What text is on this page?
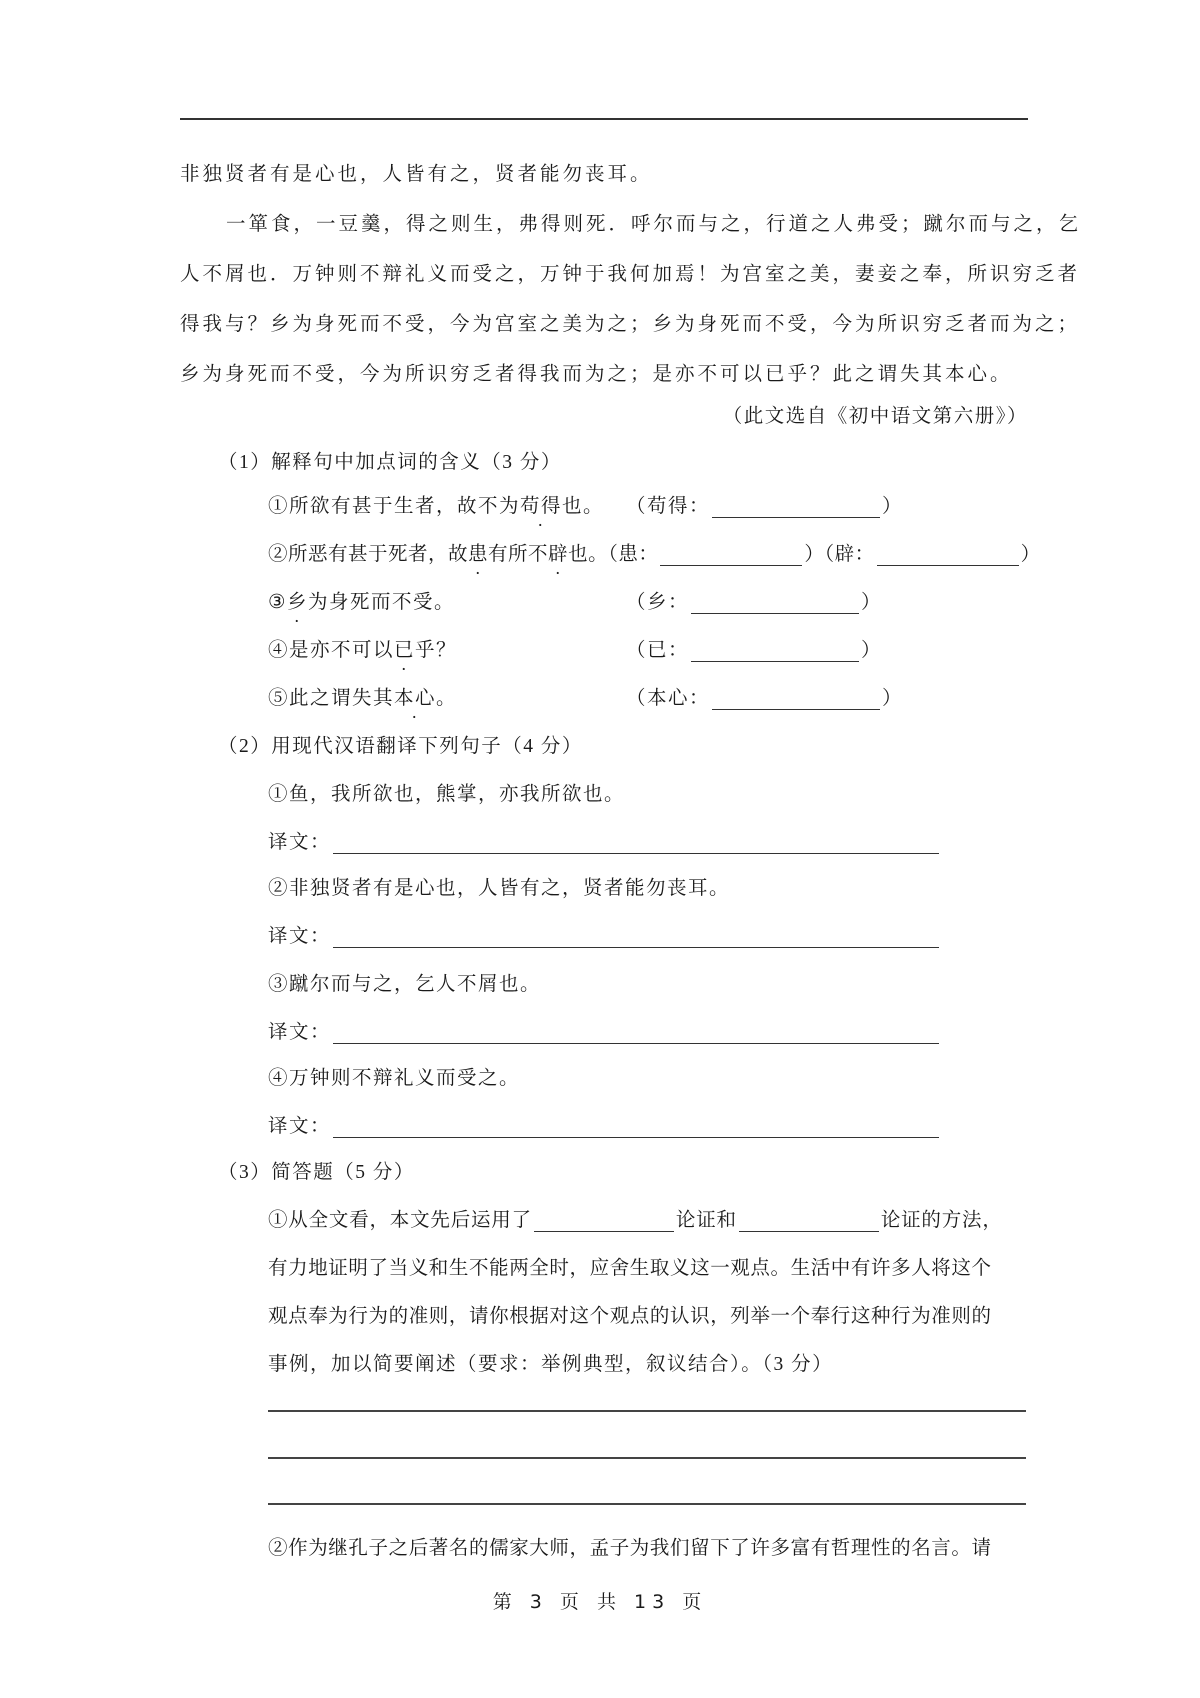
非独贤者有是心也，人皆有之，贤者能勿丧耳。
一箪食，一豆羹，得之则生，弗得则死．呼尔而与之，行道之人弗受；蹴尔而与之，乞
人不屑也．万钟则不辩礼义而受之，万钟于我何加焉！为宫室之美，妻妾之奉，所识穷乏者
得我与？乡为身死而不受，今为宫室之美为之；乡为身死而不受，今为所识穷乏者而为之；
乡为身死而不受，今为所识穷乏者得我而为之；是亦不可以已乎？此之谓失其本心。
（此文选自《初中语文第六册》）
（1）解释句中加点词的含义（3 分）
①所欲有甚于生者，故不为苟得也。 （苟得：	）
②所恶有甚于死者，故患有所不辟也。（患：	）（辟：	）
③乡为身死而不受。	（乡：	）
④是亦不可以已乎？	（已：	）
⑤此之谓失其本心。	（本心：	）
（2）用现代汉语翻译下列句子（4 分）
①鱼，我所欲也，熊掌，亦我所欲也。
译文：
②非独贤者有是心也，人皆有之，贤者能勿丧耳。
译文：
③蹴尔而与之，乞人不屑也。
译文：
④万钟则不辩礼义而受之。
译文：
（3）简答题（5 分）
①从全文看，本文先后运用了	论证和	论证的方法，
有力地证明了当义和生不能两全时，应舍生取义这一观点。生活中有许多人将这个
观点奉为行为的准则，请你根据对这个观点的认识，列举一个奉行这种行为准则的
事例，加以简要阐述（要求：举例典型，叙议结合）。（3 分）
②作为继孔子之后著名的儒家大师，孟子为我们留下了许多富有哲理性的名言。请
第 3 页 共 13 页
